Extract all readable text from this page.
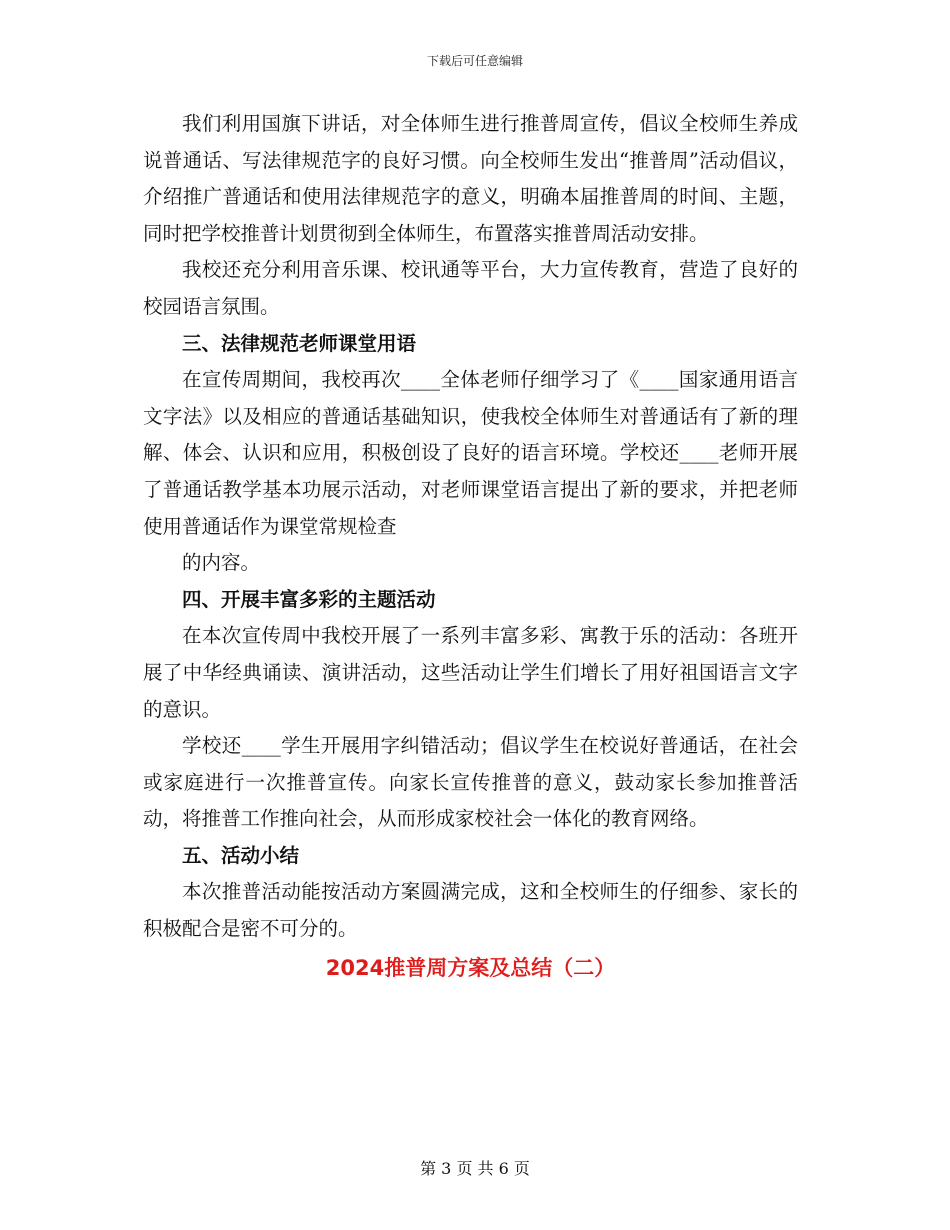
下载后可任意编辑

我们利用国旗下讲话，对全体师生进行推普周宣传，倡议全校师生养成说普通话、写法律规范字的良好习惯。向全校师生发出“推普周”活动倡议，介绍推广普通话和使用法律规范字的意义，明确本届推普周的时间、主题，同时把学校推普计划贯彻到全体师生，布置落实推普周活动安排。

我校还充分利用音乐课、校讯通等平台，大力宣传教育，营造了良好的校园语言氛围。

三、法律规范老师课堂用语

在宣传周期间，我校再次____全体老师仔细学习了《____国家通用语言文字法》以及相应的普通话基础知识，使我校全体师生对普通话有了新的理解、体会、认识和应用，积极创设了良好的语言环境。学校还____老师开展了普通话教学基本功展示活动，对老师课堂语言提出了新的要求，并把老师使用普通话作为课堂常规检查

的内容。

四、开展丰富多彩的主题活动

在本次宣传周中我校开展了一系列丰富多彩、寓教于乐的活动：各班开展了中华经典诵读、演讲活动，这些活动让学生们增长了用好祖国语言文字的意识。

学校还____学生开展用字纠错活动；倡议学生在校说好普通话，在社会或家庭进行一次推普宣传。向家长宣传推普的意义，鼓动家长参加推普活动，将推普工作推向社会，从而形成家校社会一体化的教育网络。

五、活动小结

本次推普活动能按活动方案圆满完成，这和全校师生的仔细参、家长的积极配合是密不可分的。

2024推普周方案及总结（二）

第 3 页 共 6 页
